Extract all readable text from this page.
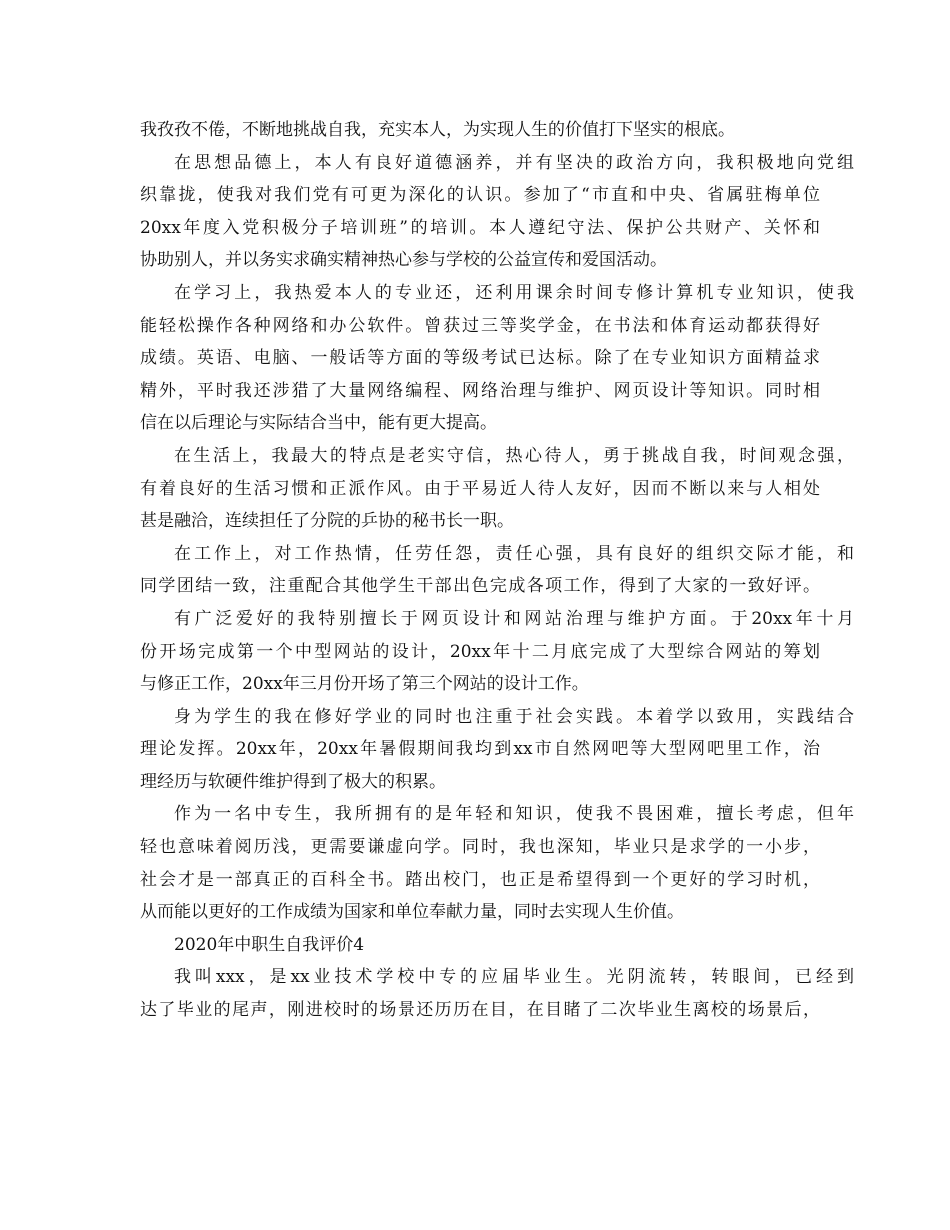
我孜孜不倦，不断地挑战自我，充实本人，为实现人生的价值打下坚实的根底。

在思想品德上，本人有良好道德涵养，并有坚决的政治方向，我积极地向党组

织靠拢，使我对我们党有可更为深化的认识。参加了“市直和中央、省属驻梅单位

20xx年度入党积极分子培训班”的培训。本人遵纪守法、保护公共财产、关怀和

协助别人，并以务实求确实精神热心参与学校的公益宣传和爱国活动。

在学习上，我热爱本人的专业还，还利用课余时间专修计算机专业知识，使我

能轻松操作各种网络和办公软件。曾获过三等奖学金，在书法和体育运动都获得好

成绩。英语、电脑、一般话等方面的等级考试已达标。除了在专业知识方面精益求

精外，平时我还涉猎了大量网络编程、网络治理与维护、网页设计等知识。同时相

信在以后理论与实际结合当中，能有更大提高。

在生活上，我最大的特点是老实守信，热心待人，勇于挑战自我，时间观念强，

有着良好的生活习惯和正派作风。由于平易近人待人友好，因而不断以来与人相处

甚是融洽，连续担任了分院的乒协的秘书长一职。

在工作上，对工作热情，任劳任怨，责任心强，具有良好的组织交际才能，和

同学团结一致，注重配合其他学生干部出色完成各项工作，得到了大家的一致好评。

有广泛爱好的我特别擅长于网页设计和网站治理与维护方面。于20xx年十月

份开场完成第一个中型网站的设计，20xx年十二月底完成了大型综合网站的筹划

与修正工作，20xx年三月份开场了第三个网站的设计工作。

身为学生的我在修好学业的同时也注重于社会实践。本着学以致用，实践结合

理论发挥。20xx年，20xx年暑假期间我均到xx市自然网吧等大型网吧里工作，治

理经历与软硬件维护得到了极大的积累。

作为一名中专生，我所拥有的是年轻和知识，使我不畏困难，擅长考虑，但年

轻也意味着阅历浅，更需要谦虚向学。同时，我也深知，毕业只是求学的一小步，

社会才是一部真正的百科全书。踏出校门，也正是希望得到一个更好的学习时机，

从而能以更好的工作成绩为国家和单位奉献力量，同时去实现人生价值。

2020年中职生自我评价4

我叫xxx，是xx业技术学校中专的应届毕业生。光阴流转，转眼间，已经到

达了毕业的尾声，刚进校时的场景还历历在目，在目睹了二次毕业生离校的场景后，
